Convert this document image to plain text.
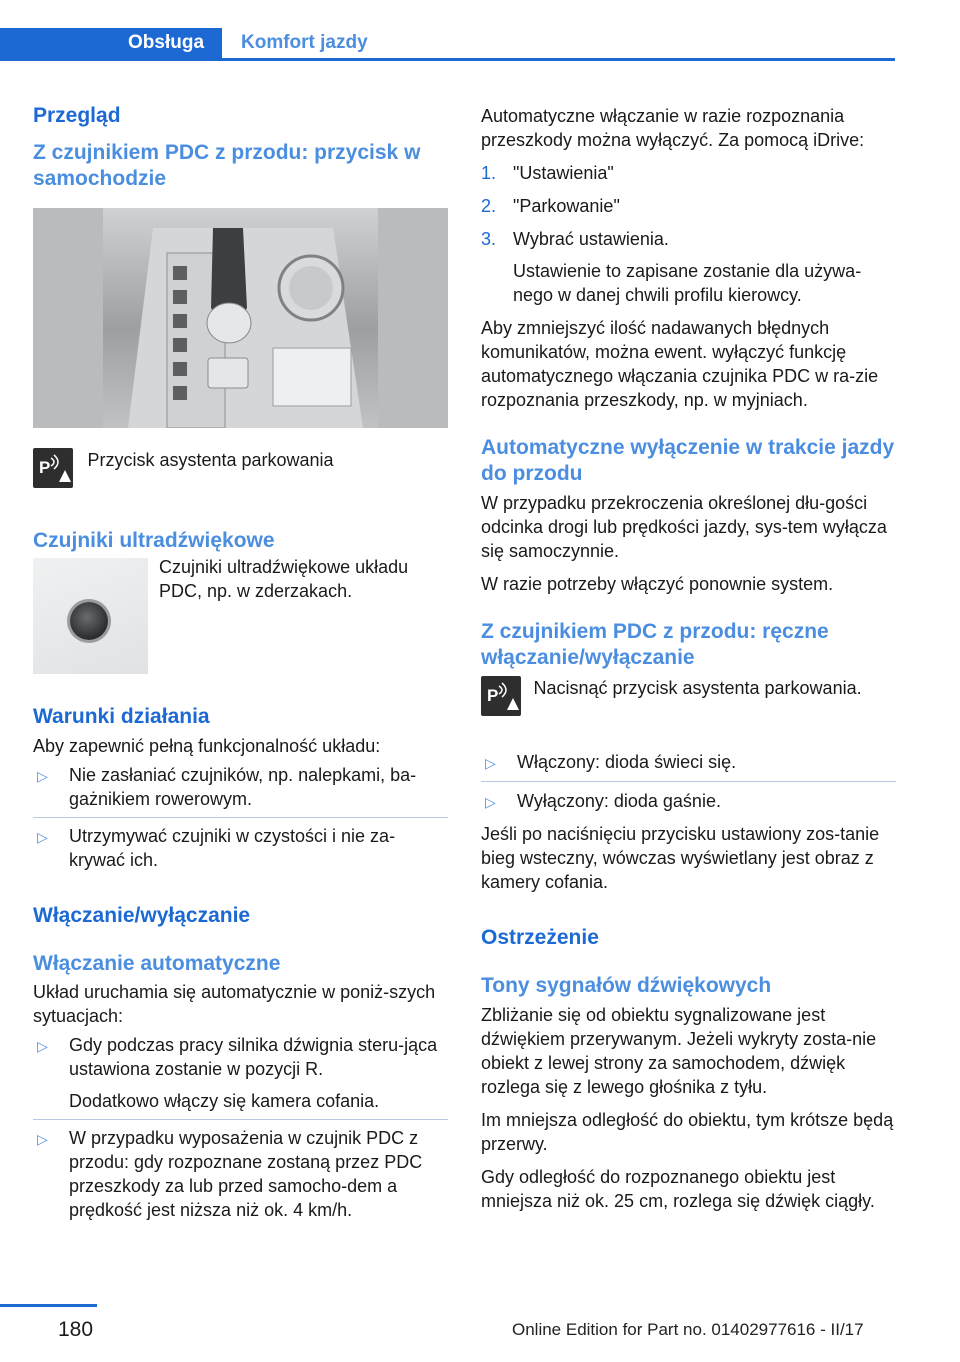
Obsługa	Komfort jazdy
Przegląd
Z czujnikiem PDC z przodu: przycisk w samochodzie
P Przycisk asystenta parkowania
Czujniki ultradźwiękowe

Czujniki ultradźwiękowe układu PDC, np. w zderzakach.

Warunki działania

Aby zapewnić pełną funkcjonalność układu:

▷ Nie zasłaniać czujników, np. nalepkami, ba-gażnikiem rowerowym.
▷ Utrzymywać czujniki w czystości i nie za-krywać ich.
Włączanie/wyłączanie
Włączanie automatyczne

Układ uruchamia się automatycznie w poniż-szych sytuacjach:

▷ Gdy podczas pracy silnika dźwignia steru-jąca ustawiona zostanie w pozycji R.
Dodatkowo włączy się kamera cofania.
▷ W przypadku wyposażenia w czujnik PDC z przodu: gdy rozpoznane zostaną przez PDC przeszkody za lub przed samocho-dem a prędkość jest niższa niż ok. 4 km/h.

Automatyczne włączanie w razie rozpoznania przeszkody można wyłączyć. Za pomocą iDrive:

1. "Ustawienia"
2. "Parkowanie"
3. Wybrać ustawienia.
Ustawienie to zapisane zostanie dla używa-nego w danej chwili profilu kierowcy.

Aby zmniejszyć ilość nadawanych błędnych komunikatów, można ewent. wyłączyć funkcję automatycznego włączania czujnika PDC w ra-zie rozpoznania przeszkody, np. w myjniach.

Automatyczne wyłączenie w trakcie jazdy do przodu

W przypadku przekroczenia określonej dłu-gości odcinka drogi lub prędkości jazdy, sys-tem wyłącza się samoczynnie.

W razie potrzeby włączyć ponownie system.

Z czujnikiem PDC z przodu: ręczne włączanie/wyłączanie
P Nacisnąć przycisk asystenta parkowania.
▷ Włączony: dioda świeci się.
▷ Wyłączony: dioda gaśnie.

Jeśli po naciśnięciu przycisku ustawiony zos-tanie bieg wsteczny, wówczas wyświetlany jest obraz z kamery cofania.

Ostrzeżenie
Tony sygnałów dźwiękowych

Zbliżanie się od obiektu sygnalizowane jest dźwiękiem przerywanym. Jeżeli wykryty zosta-nie obiekt z lewej strony za samochodem, dźwięk rozlega się z lewego głośnika z tyłu.

Im mniejsza odległość do obiektu, tym krótsze będą przerwy.

Gdy odległość do rozpoznanego obiektu jest mniejsza niż ok. 25 cm, rozlega się dźwięk ciągły.

180	Online Edition for Part no. 01402977616 - II/17
